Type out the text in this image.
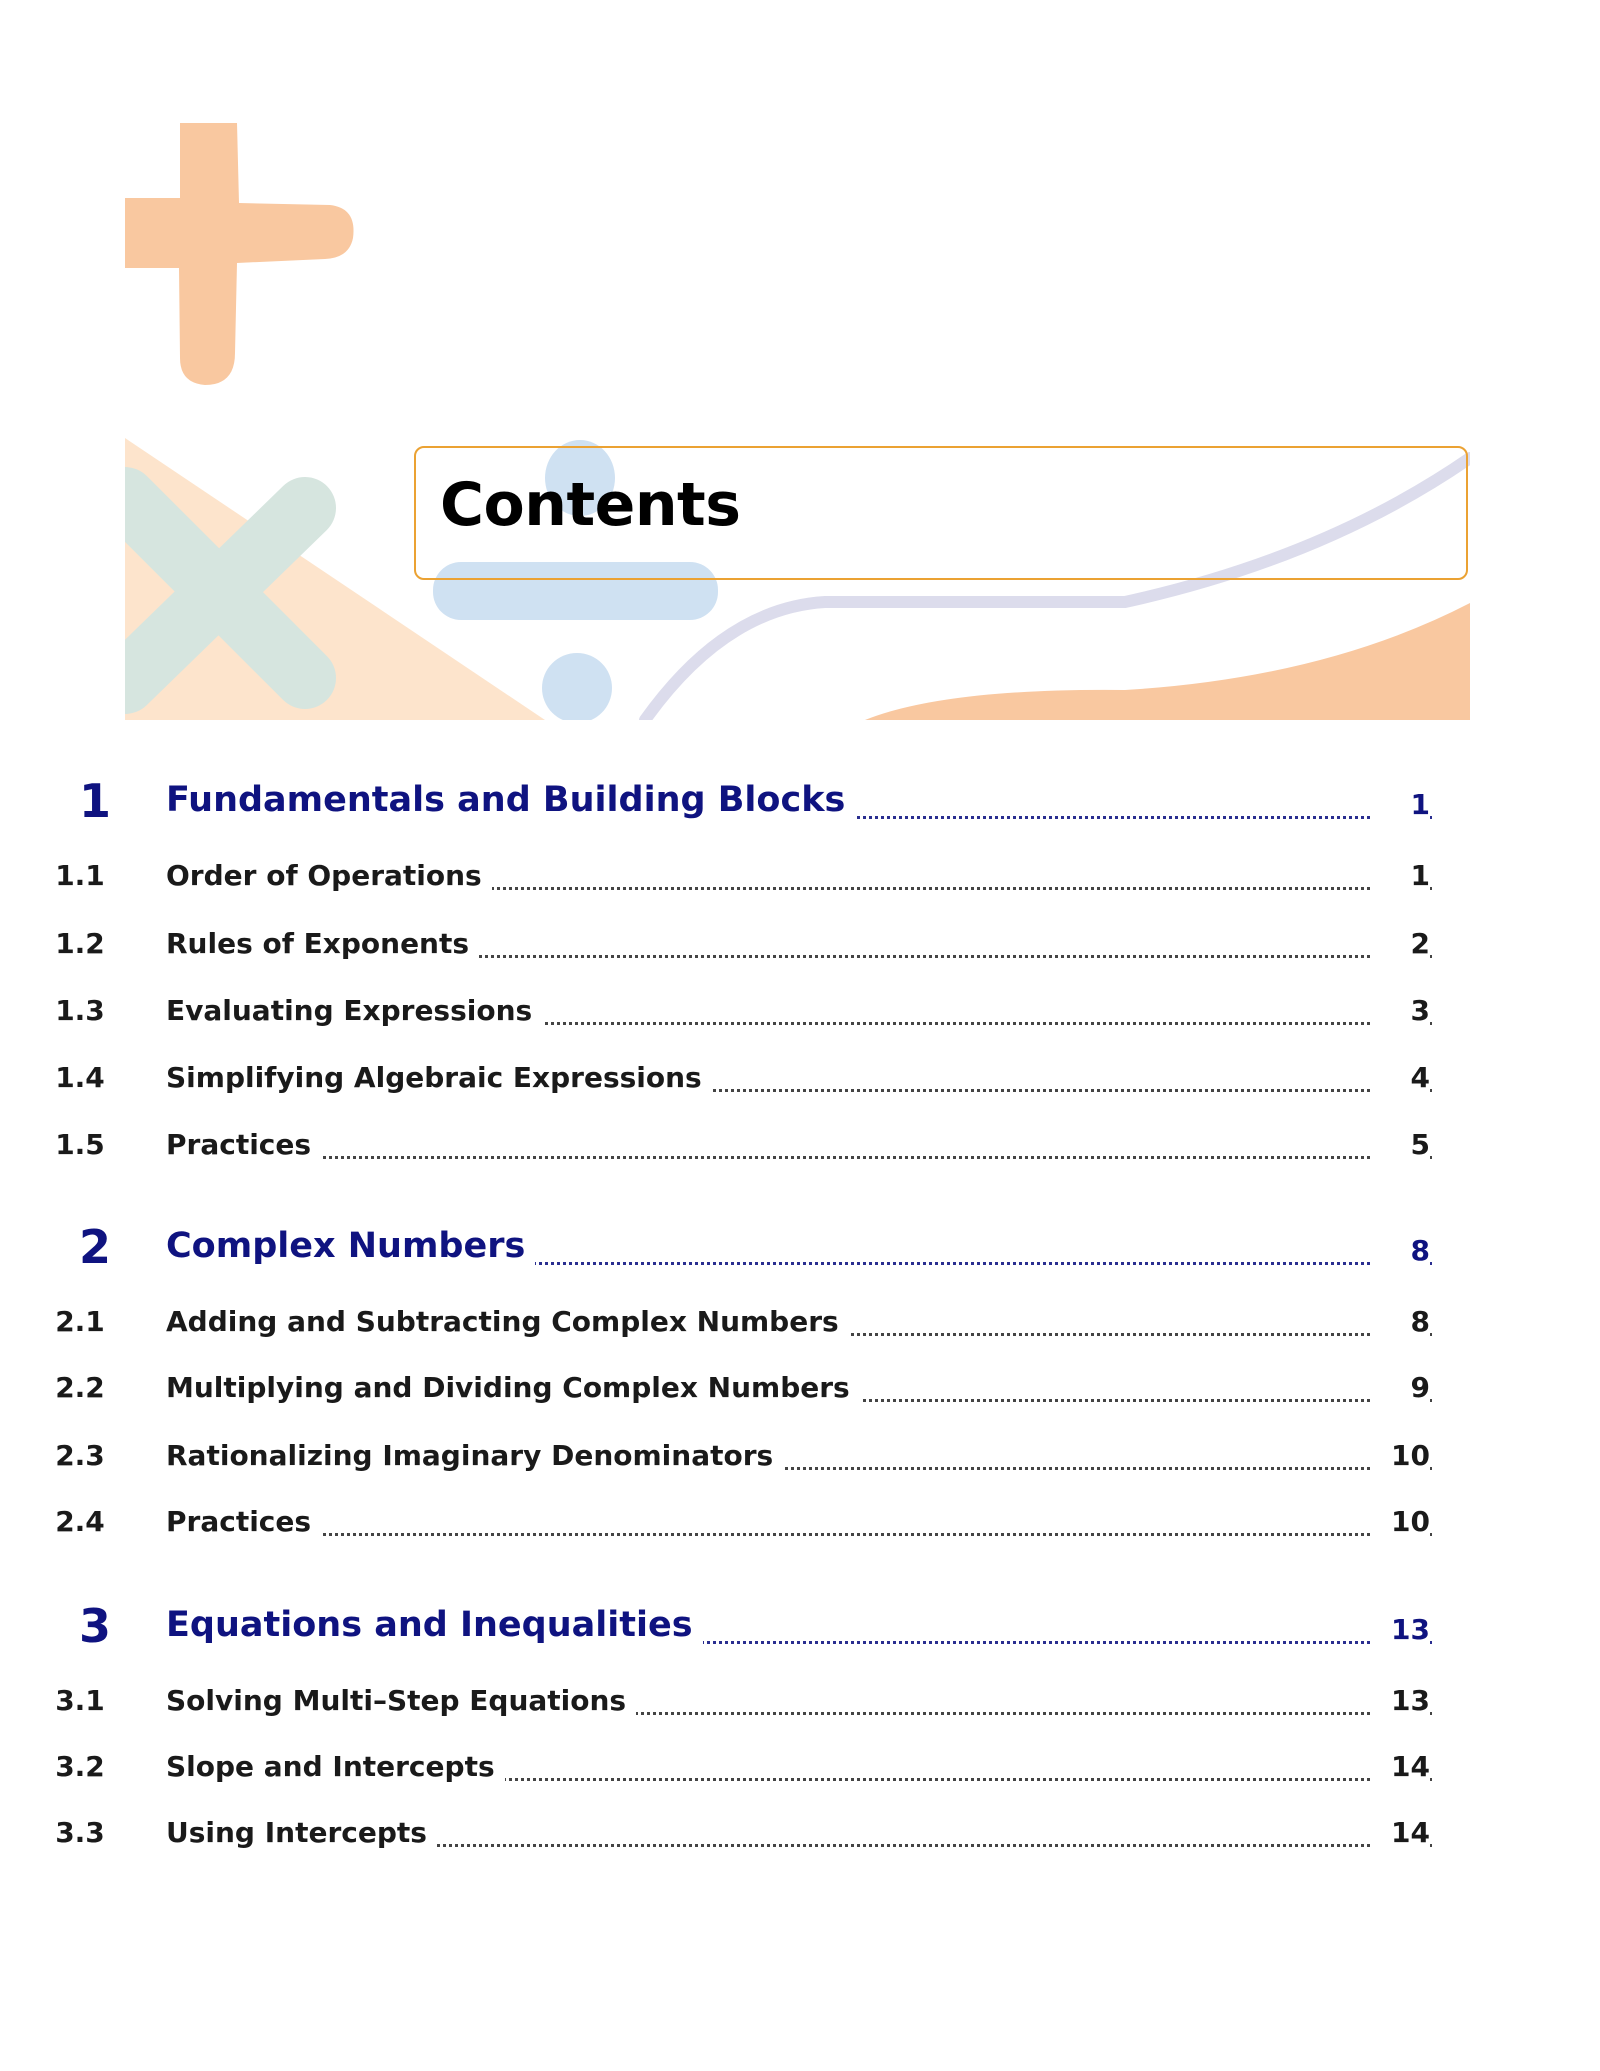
Contents
1	Fundamentals and Building Blocks	1
1.1	Order of Operations	1
1.2	Rules of Exponents	2
1.3	Evaluating Expressions	3
1.4	Simplifying Algebraic Expressions	4
1.5	Practices	5
2	Complex Numbers	8
2.1	Adding and Subtracting Complex Numbers	8
2.2	Multiplying and Dividing Complex Numbers	9
2.3	Rationalizing Imaginary Denominators	10
2.4	Practices	10
3	Equations and Inequalities	13
3.1	Solving Multi–Step Equations	13
3.2	Slope and Intercepts	14
3.3	Using Intercepts	14
